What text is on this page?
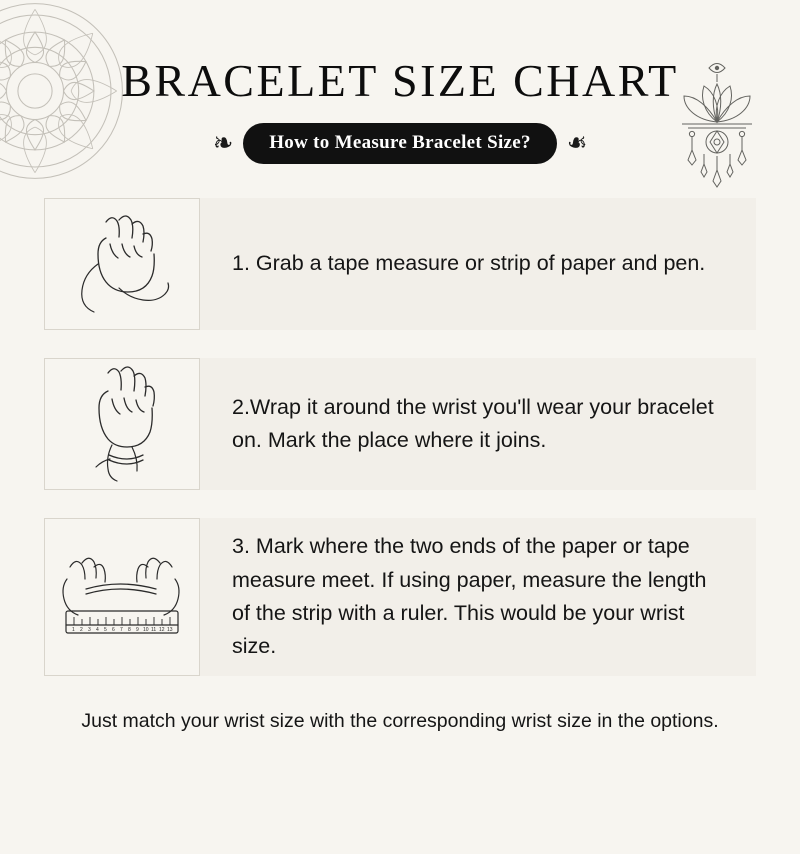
BRACELET SIZE CHART
❧	How to Measure Bracelet Size?	❧
1. Grab a tape measure or strip of paper and pen.
2.Wrap it around the wrist you'll wear your bracelet on. Mark the place where it joins.
1 2 3 4 5 6 7 8 9 10 11 12 13
3. Mark where the two ends of the paper or tape measure meet. If using paper, measure the length of the strip with a ruler. This would be your wrist size.
Just match your wrist size with the corresponding wrist size in the options.
